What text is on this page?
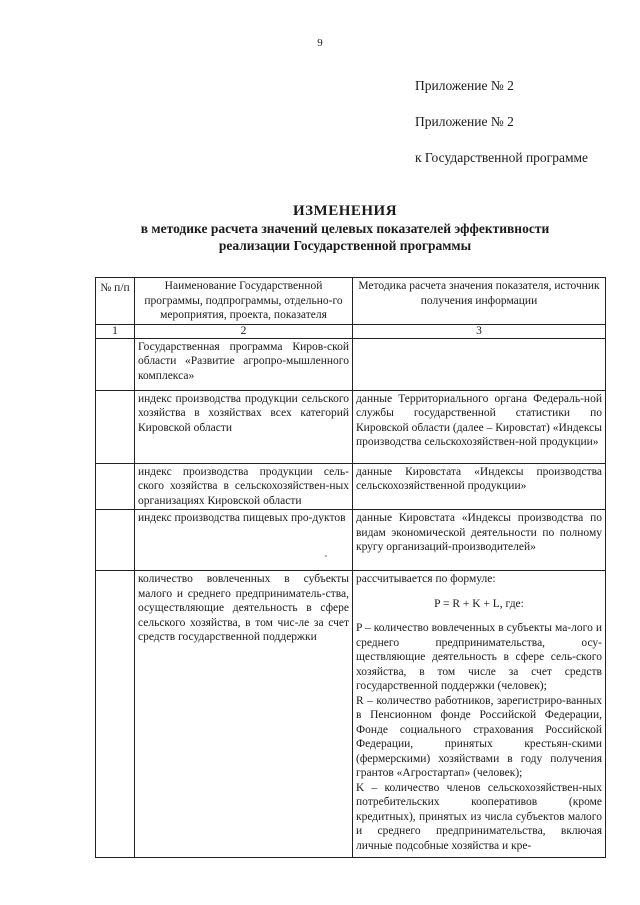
9
Приложение № 2
Приложение № 2
к Государственной программе
ИЗМЕНЕНИЯ
в методике расчета значений целевых показателей эффективности
реализации Государственной программы
№ п/п	Наименование Государственной программы, подпрограммы, отдельно-го мероприятия, проекта, показателя	Методика расчета значения показателя, источник получения информации
1	2	3
	Государственная программа Киров-ской области «Развитие агропро-мышленного комплекса»	
	индекс производства продукции сельского хозяйства в хозяйствах всех категорий Кировской области	данные Территориального органа Федераль-ной службы государственной статистики по Кировской области (далее – Кировстат) «Индексы производства сельскохозяйствен-ной продукции»
	индекс производства продукции сель-ского хозяйства в сельскохозяйствен-ных организациях Кировской области	данные Кировстата «Индексы производства сельскохозяйственной продукции»
	индекс производства пищевых про-дуктов	данные Кировстата «Индексы производства по видам экономической деятельности по полному кругу организаций-производителей»
	количество вовлеченных в субъекты малого и среднего предприниматель-ства, осуществляющие деятельность в сфере сельского хозяйства, в том чис-ле за счет средств государственной поддержки	рассчитывается по формуле:
P = R + K + L, где:
P – количество вовлеченных в субъекты ма-лого и среднего предпринимательства, осу-ществляющие деятельность в сфере сель-ского хозяйства, в том числе за счет средств государственной поддержки (человек);
R – количество работников, зарегистриро-ванных в Пенсионном фонде Российской Федерации, Фонде социального страхования Российской Федерации, принятых крестьян-скими (фермерскими) хозяйствами в году получения грантов «Агростартап» (человек);
K – количество членов сельскохозяйствен-ных потребительских кооперативов (кроме кредитных), принятых из числа субъектов малого и среднего предпринимательства, включая личные подсобные хозяйства и кре-
